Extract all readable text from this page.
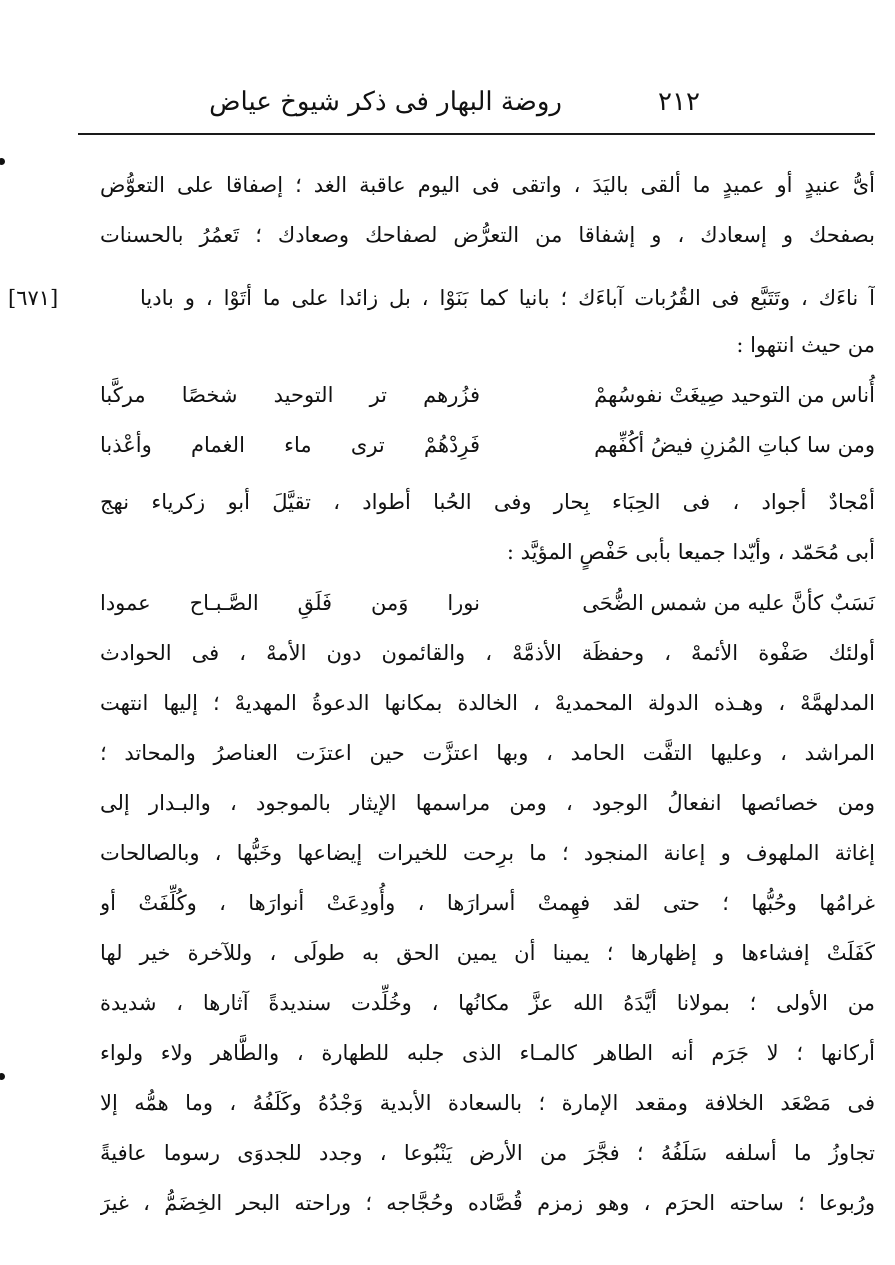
٢١٢
روضة البهار فى ذكر شيوخ عياض
أىُّ عنيدٍ أو عميدٍ ما ألقى باليَدَ ، واتقى فى اليوم عاقبة الغد ؛ إصفاقا على التعوُّض
بصفحك و إسعادك ، و إشفاقا من التعرُّض لصفاحك وصعادك ؛ تَعمُرُ بالحسنات
آ ناءَك ، وتَتَبَّع فى القُرُبات آباءَك ؛ بانيا كما بَنَوْا ، بل زائدا على ما أتَوْا ، و باديا
من حيث انتهوا :
[٦٧١]
أُناس من التوحيد صِيغَتْ نفوسُهمْ
فزُرهم تر التوحيد شخصًا مركَّبا
ومن سا كباتِ المُزنِ فيضُ أكُفِّهم
فَرِدْهُمْ ترى ماء الغمام وأعْذبا
أمْجادٌ أجواد ، فى الحِبَاء بِحار وفى الحُبا أطواد ، تقيَّلَ أبو زكرياء نهج
أبى مُحَمّد ، وأيّدا جميعا بأبى حَفْصٍ المؤيَّد :
نَسَبٌ كأنَّ عليه من شمس الضُّحَى
نورا وَمن فَلَقِ الصَّـبـاح عمودا
أولئك صَفْوة الأئمهْ ، وحفظَة الأذمَّهْ ، والقائمون دون الأمهْ ، فى الحوادث
المدلهمَّهْ ، وهـذه الدولة المحمديهْ ، الخالدة بمكانها الدعوةُ المهديهْ ؛ إليها انتهت
المراشد ، وعليها التفَّت الحامد ، وبها اعتزَّت حين اعتزَت العناصرُ والمحاتد ؛
ومن خصائصها انفعالُ الوجود ، ومن مراسمها الإيثار بالموجود ، والبـدار إلى
إغاثة الملهوف و إعانة المنجود ؛ ما برِحت للخيرات إيضاعها وخَبُّها ، وبالصالحات
غرامُها وحُبُّها ؛ حتى لقد فهِمتْ أسرارَها ، وأُودِعَتْ أنوارَها ، وكُلِّفَتْ أو
كَفَلَتْ إفشاءها و إظهارها ؛ يمينا أن يمين الحق به طولَى ، وللآخرة خير لها
من الأولى ؛ بمولانا أيَّدَهُ الله عزَّ مكانُها ، وخُلِّدت سنديدةً آثارها ، شديدة
أركانها ؛ لا جَرَم أنه الطاهر كالمـاء الذى جلبه للطهارة ، والطَّاهر ولاء ولواء
فى مَصْعَد الخلافة ومقعد الإمارة ؛ بالسعادة الأبدية وَجْدُهُ وكَلَفُهُ ، وما همُّه إلا
تجاوزُ ما أسلفه سَلَفُهُ ؛ فجَّرَ من الأرض يَنْبُوعا ، وجدد للجدوَى رسوما عافيةً
ورُبوعا ؛ ساحته الحرَم ، وهو زمزم قُصَّاده وحُجَّاجه ؛ وراحته البحر الخِضَمُّ ، غيرَ
